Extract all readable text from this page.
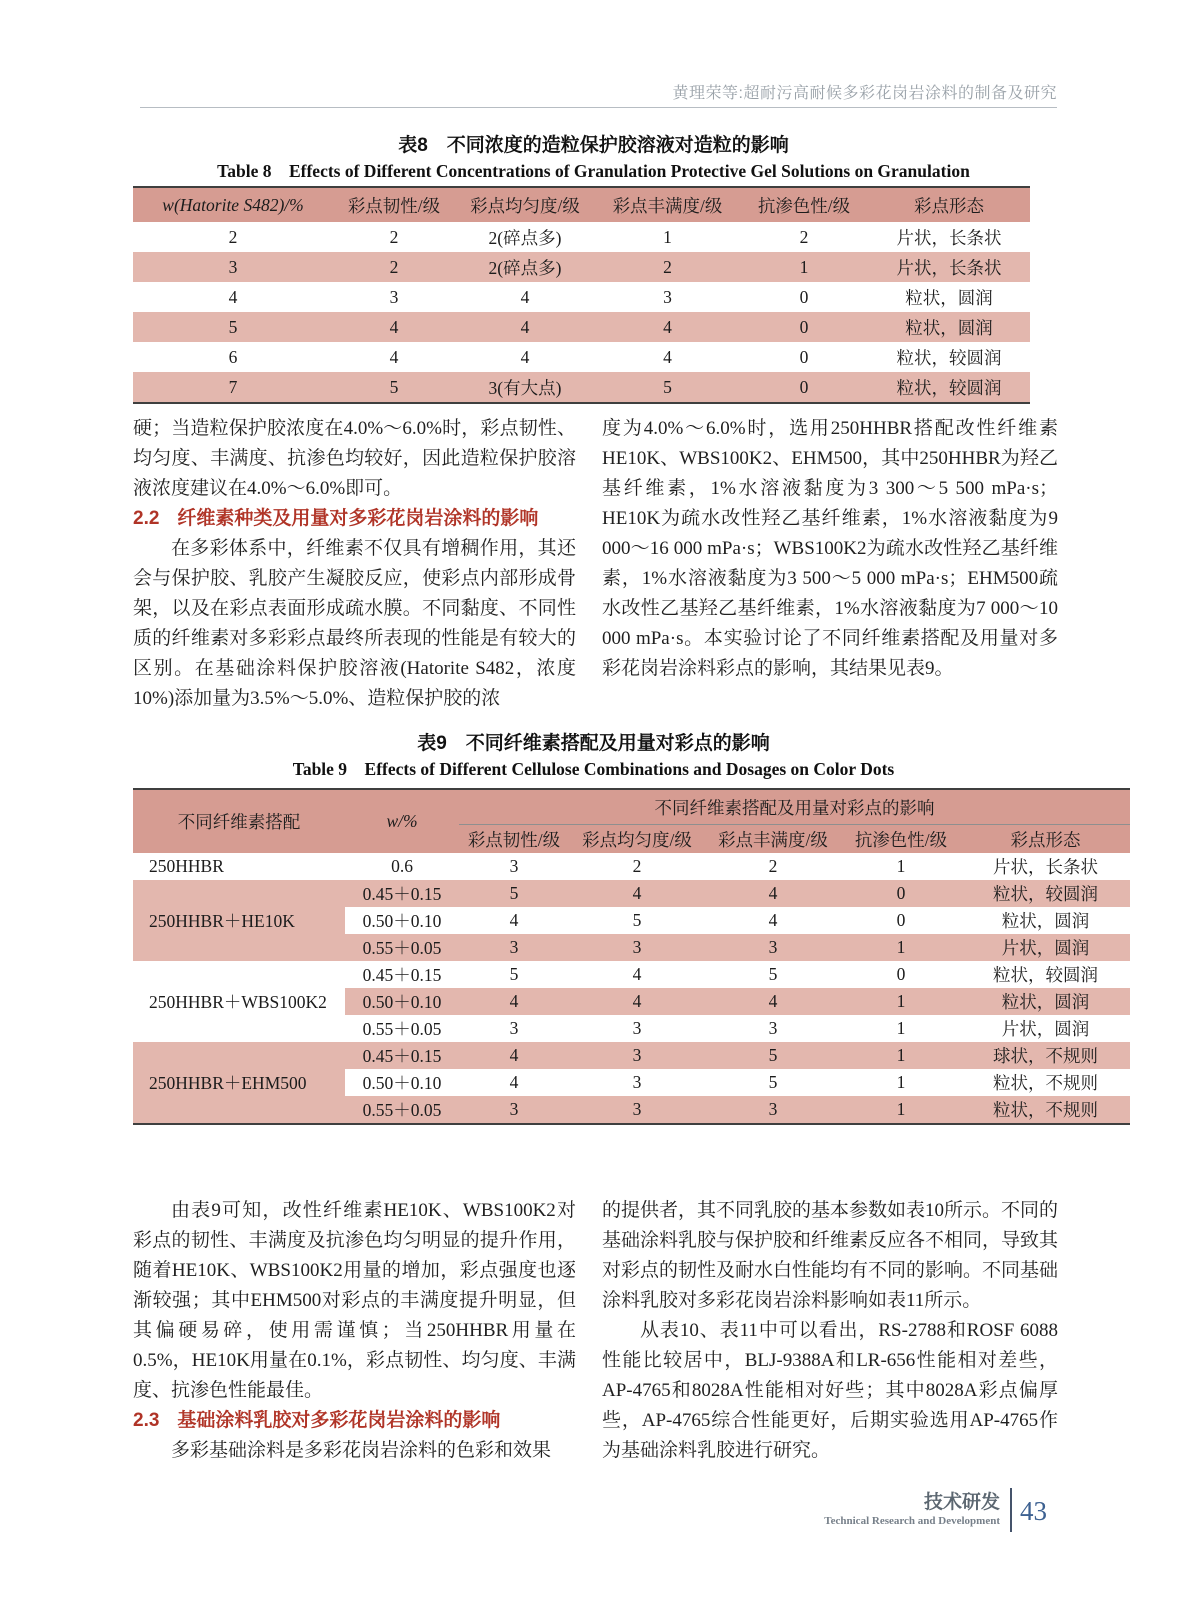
黄理荣等:超耐污高耐候多彩花岗岩涂料的制备及研究
表8　不同浓度的造粒保护胶溶液对造粒的影响
Table 8　Effects of Different Concentrations of Granulation Protective Gel Solutions on Granulation
w(Hatorite S482)/%	彩点韧性/级	彩点均匀度/级	彩点丰满度/级	抗渗色性/级	彩点形态
2	2	2(碎点多)	1	2	片状，长条状
3	2	2(碎点多)	2	1	片状，长条状
4	3	4	3	0	粒状，圆润
5	4	4	4	0	粒状，圆润
6	4	4	4	0	粒状，较圆润
7	5	3(有大点)	5	0	粒状，较圆润

硬；当造粒保护胶浓度在4.0%～6.0%时，彩点韧性、均匀度、丰满度、抗渗色均较好，因此造粒保护胶溶液浓度建议在4.0%～6.0%即可。

2.2 纤维素种类及用量对多彩花岗岩涂料的影响

在多彩体系中，纤维素不仅具有增稠作用，其还会与保护胶、乳胶产生凝胶反应，使彩点内部形成骨架，以及在彩点表面形成疏水膜。不同黏度、不同性质的纤维素对多彩彩点最终所表现的性能是有较大的区别。在基础涂料保护胶溶液(Hatorite S482，浓度10%)添加量为3.5%～5.0%、造粒保护胶的浓

度为4.0%～6.0%时，选用250HHBR搭配改性纤维素HE10K、WBS100K2、EHM500，其中250HHBR为羟乙基纤维素，1%水溶液黏度为3 300～5 500 mPa·s；HE10K为疏水改性羟乙基纤维素，1%水溶液黏度为9 000～16 000 mPa·s；WBS100K2为疏水改性羟乙基纤维素，1%水溶液黏度为3 500～5 000 mPa·s；EHM500疏水改性乙基羟乙基纤维素，1%水溶液黏度为7 000～10 000 mPa·s。本实验讨论了不同纤维素搭配及用量对多彩花岗岩涂料彩点的影响，其结果见表9。

表9　不同纤维素搭配及用量对彩点的影响
Table 9　Effects of Different Cellulose Combinations and Dosages on Color Dots
不同纤维素搭配	w/%	不同纤维素搭配及用量对彩点的影响				
		彩点韧性/级	彩点均匀度/级	彩点丰满度/级	抗渗色性/级	彩点形态
250HHBR	0.6	3	2	2	1	片状，长条状
250HHBR＋HE10K	0.45＋0.15	5	4	4	0	粒状，较圆润
	0.50＋0.10	4	5	4	0	粒状，圆润
	0.55＋0.05	3	3	3	1	片状，圆润
250HHBR＋WBS100K2	0.45＋0.15	5	4	5	0	粒状，较圆润
	0.50＋0.10	4	4	4	1	粒状，圆润
	0.55＋0.05	3	3	3	1	片状，圆润
250HHBR＋EHM500	0.45＋0.15	4	3	5	1	球状，不规则
	0.50＋0.10	4	3	5	1	粒状，不规则
	0.55＋0.05	3	3	3	1	粒状，不规则

由表9可知，改性纤维素HE10K、WBS100K2对彩点的韧性、丰满度及抗渗色均匀明显的提升作用，随着HE10K、WBS100K2用量的增加，彩点强度也逐渐较强；其中EHM500对彩点的丰满度提升明显，但其偏硬易碎，使用需谨慎；当250HHBR用量在0.5%，HE10K用量在0.1%，彩点韧性、均匀度、丰满度、抗渗色性能最佳。

2.3 基础涂料乳胶对多彩花岗岩涂料的影响

多彩基础涂料是多彩花岗岩涂料的色彩和效果

的提供者，其不同乳胶的基本参数如表10所示。不同的基础涂料乳胶与保护胶和纤维素反应各不相同，导致其对彩点的韧性及耐水白性能均有不同的影响。不同基础涂料乳胶对多彩花岗岩涂料影响如表11所示。

从表10、表11中可以看出，RS-2788和ROSF 6088性能比较居中，BLJ-9388A和LR-656性能相对差些，AP-4765和8028A性能相对好些；其中8028A彩点偏厚些，AP-4765综合性能更好，后期实验选用AP-4765作为基础涂料乳胶进行研究。

技术研发
Technical Research and Development 43
